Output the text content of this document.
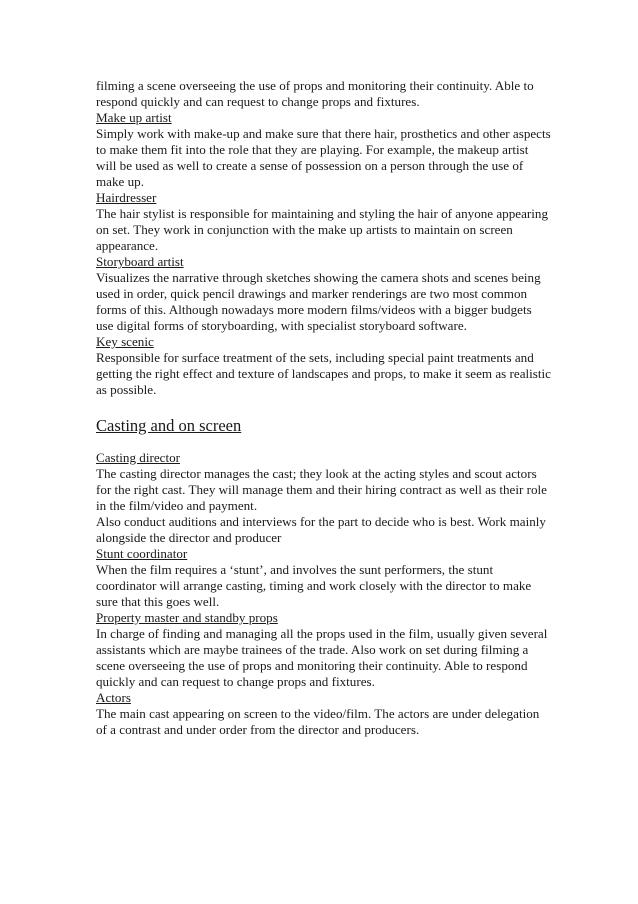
filming a scene overseeing the use of props and monitoring their continuity. Able to respond quickly and can request to change props and fixtures.

Make up artist

Simply work with make-up and make sure that there hair, prosthetics and other aspects to make them fit into the role that they are playing. For example, the makeup artist will be used as well to create a sense of possession on a person through the use of make up.

Hairdresser

The hair stylist is responsible for maintaining and styling the hair of anyone appearing on set. They work in conjunction with the make up artists to maintain on screen appearance.

Storyboard artist

Visualizes the narrative through sketches showing the camera shots and scenes being used in order, quick pencil drawings and marker renderings are two most common forms of this. Although nowadays more modern films/videos with a bigger budgets use digital forms of storyboarding, with specialist storyboard software.

Key scenic

Responsible for surface treatment of the sets, including special paint treatments and getting the right effect and texture of landscapes and props, to make it seem as realistic as possible.

Casting and on screen

Casting director

The casting director manages the cast; they look at the acting styles and scout actors for the right cast. They will manage them and their hiring contract as well as their role in the film/video and payment.

Also conduct auditions and interviews for the part to decide who is best. Work mainly alongside the director and producer

Stunt coordinator

When the film requires a ‘stunt’, and involves the sunt performers, the stunt coordinator will arrange casting, timing and work closely with the director to make sure that this goes well.

Property master and standby props

In charge of finding and managing all the props used in the film, usually given several assistants which are maybe trainees of the trade. Also work on set during filming a scene overseeing the use of props and monitoring their continuity. Able to respond quickly and can request to change props and fixtures.

Actors

The main cast appearing on screen to the video/film. The actors are under delegation of a contrast and under order from the director and producers.
